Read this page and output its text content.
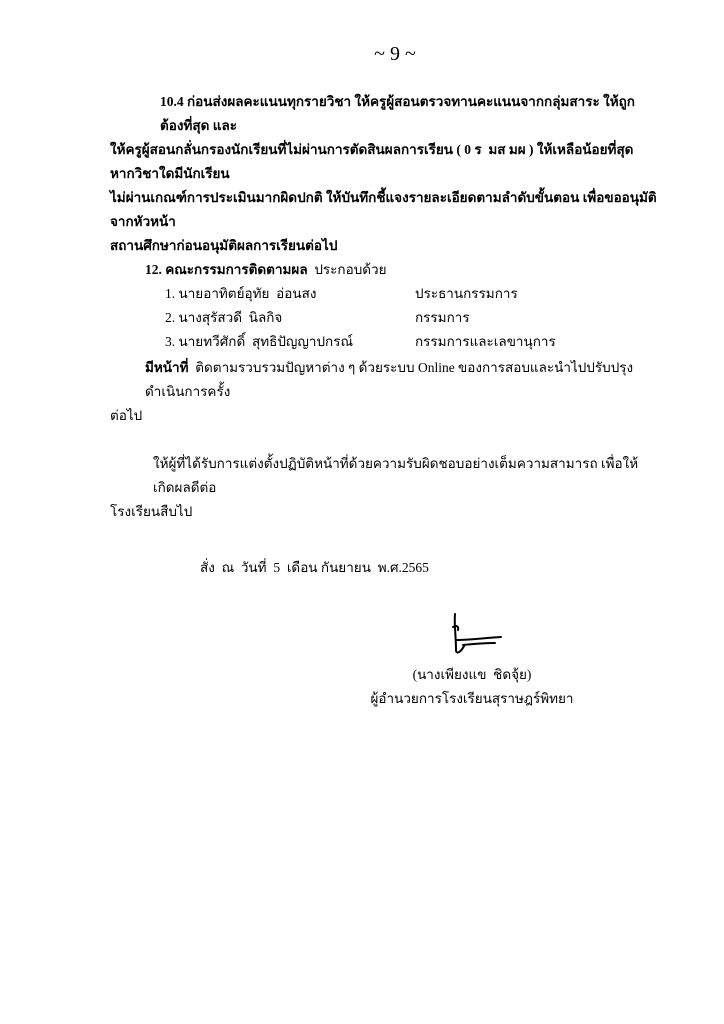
~ 9 ~
10.4 ก่อนส่งผลคะแนนทุกรายวิชา ให้ครูผู้สอนตรวจทานคะแนนจากกลุ่มสาระ ให้ถูกต้องที่สุด และ
ให้ครูผู้สอนกลั่นกรองนักเรียนที่ไม่ผ่านการตัดสินผลการเรียน ( 0 ร  มส มผ ) ให้เหลือน้อยที่สุด หากวิชาใดมีนักเรียน
ไม่ผ่านเกณฑ์การประเมินมากผิดปกติ ให้บันทึกชี้แจงรายละเอียดตามลำดับขั้นตอน เพื่อขออนุมัติจากหัวหน้า
สถานศึกษาก่อนอนุมัติผลการเรียนต่อไป
12. คณะกรรมการติดตามผล ประกอบด้วย
1. นายอาทิตย์อุทัย  อ่อนสง	ประธานกรรมการ
2. นางสุรัสวดี  นิลกิจ	กรรมการ
3. นายทวีศักดิ์  สุทธิปัญญาปกรณ์	กรรมการและเลขานุการ
มีหน้าที่ ติดตามรวบรวมปัญหาต่าง ๆ ด้วยระบบ Online ของการสอบและนำไปปรับปรุงดำเนินการครั้ง
ต่อไป
ให้ผู้ที่ได้รับการแต่งตั้งปฏิบัติหน้าที่ด้วยความรับผิดชอบอย่างเต็มความสามารถ เพื่อให้เกิดผลดีต่อ
โรงเรียนสืบไป
สั่ง  ณ  วันที่  5  เดือน กันยายน  พ.ศ.2565
(นางเพียงแข  ชิดจุ้ย)
ผู้อำนวยการโรงเรียนสุราษฎร์พิทยา
